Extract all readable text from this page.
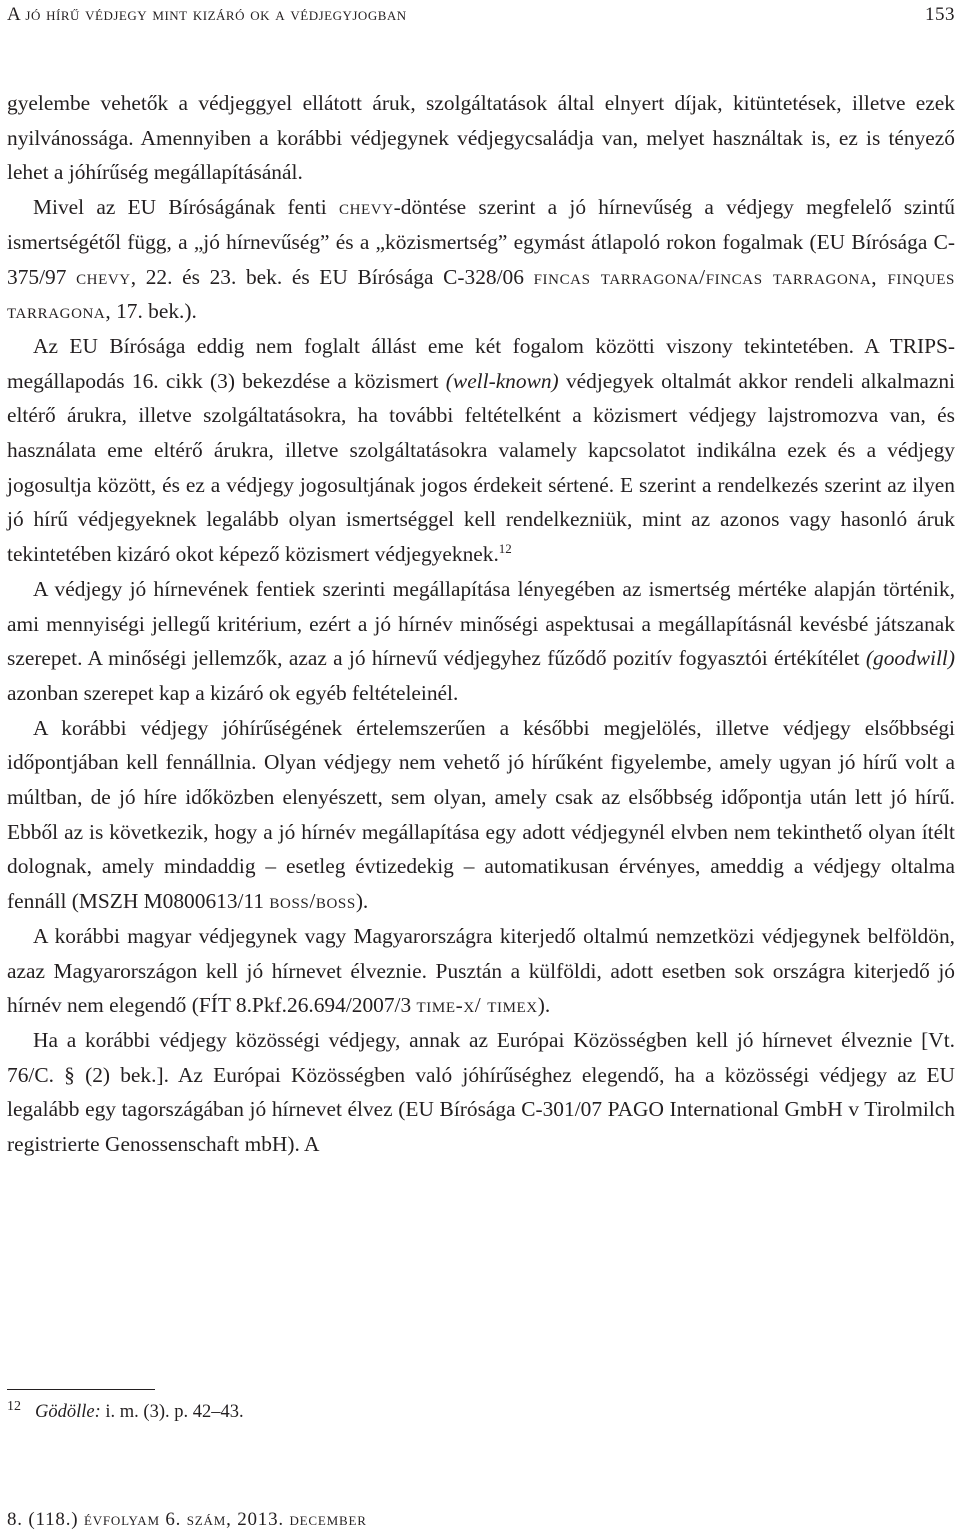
A jó hírű védjegy mint kizáró ok a védjegyjogban	153

gyelembe vehetők a védjeggyel ellátott áruk, szolgáltatások által elnyert díjak, kitüntetések, illetve ezek nyilvánossága. Amennyiben a korábbi védjegynek védjegycsaládja van, melyet használtak is, ez is tényező lehet a jóhírűség megállapításánál.

Mivel az EU Bíróságának fenti chevy-döntése szerint a jó hírnevűség a védjegy megfelelő szintű ismertségétől függ, a „jó hírnevűség” és a „közismertség” egymást átlapoló rokon fogalmak (EU Bírósága C-375/97 chevy, 22. és 23. bek. és EU Bírósága C-328/06 fincas tarragona/fincas tarragona, finques tarragona, 17. bek.).

Az EU Bírósága eddig nem foglalt állást eme két fogalom közötti viszony tekintetében. A TRIPS-megállapodás 16. cikk (3) bekezdése a közismert (well-known) védjegyek oltalmát akkor rendeli alkalmazni eltérő árukra, illetve szolgáltatásokra, ha további feltételként a közismert védjegy lajstromozva van, és használata eme eltérő árukra, illetve szolgáltatásokra valamely kapcsolatot indikálna ezek és a védjegy jogosultja között, és ez a védjegy jogosultjának jogos érdekeit sértené. E szerint a rendelkezés szerint az ilyen jó hírű védjegyeknek legalább olyan ismertséggel kell rendelkezniük, mint az azonos vagy hasonló áruk tekintetében kizáró okot képező közismert védjegyeknek.$^{12}$

A védjegy jó hírnevének fentiek szerinti megállapítása lényegében az ismertség mértéke alapján történik, ami mennyiségi jellegű kritérium, ezért a jó hírnév minőségi aspektusai a megállapításnál kevésbé játszanak szerepet. A minőségi jellemzők, azaz a jó hírnevű védjegyhez fűződő pozitív fogyasztói értékítélet (goodwill) azonban szerepet kap a kizáró ok egyéb feltételeinél.

A korábbi védjegy jóhírűségének értelemszerűen a későbbi megjelölés, illetve védjegy elsőbbségi időpontjában kell fennállnia. Olyan védjegy nem vehető jó hírűként figyelembe, amely ugyan jó hírű volt a múltban, de jó híre időközben elenyészett, sem olyan, amely csak az elsőbbség időpontja után lett jó hírű. Ebből az is következik, hogy a jó hírnév megállapítása egy adott védjegynél elvben nem tekinthető olyan ítélt dolognak, amely mindaddig – esetleg évtizedekig – automatikusan érvényes, ameddig a védjegy oltalma fennáll (MSZH M0800613/11 boss/boss).

A korábbi magyar védjegynek vagy Magyarországra kiterjedő oltalmú nemzetközi védjegynek belföldön, azaz Magyarországon kell jó hírnevet élveznie. Pusztán a külföldi, adott esetben sok országra kiterjedő jó hírnév nem elegendő (FÍT 8.Pkf.26.694/2007/3 time-x/ timex).

Ha a korábbi védjegy közösségi védjegy, annak az Európai Közösségben kell jó hírnevet élveznie [Vt. 76/C. § (2) bek.]. Az Európai Közösségben való jóhírűséghez elegendő, ha a közösségi védjegy az EU legalább egy tagországában jó hírnevet élvez (EU Bírósága C-301/07 PAGO International GmbH v Tirolmilch registrierte Genossenschaft mbH). A

$^{12}$ Gödölle: i. m. (3). p. 42–43.
8. (118.) évfolyam 6. szám, 2013. december
